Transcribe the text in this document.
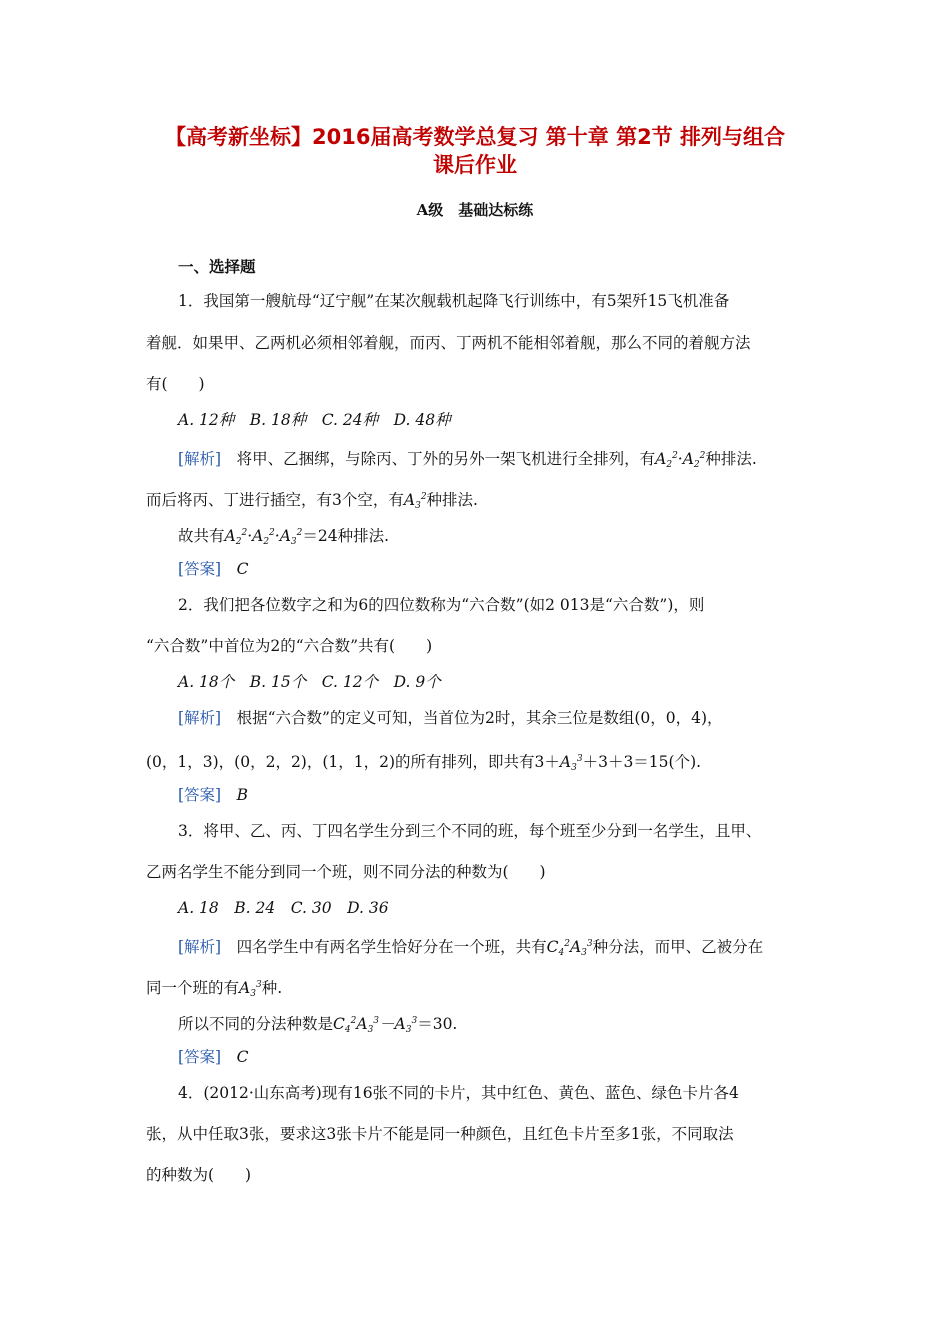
【高考新坐标】2016届高考数学总复习 第十章 第2节 排列与组合
课后作业
A级　基础达标练
一、选择题
1．我国第一艘航母“辽宁舰”在某次舰载机起降飞行训练中，有5架歼15飞机准备
着舰．如果甲、乙两机必须相邻着舰，而丙、丁两机不能相邻着舰，那么不同的着舰方法
有(　　)
A. 12种　B. 18种　C. 24种　D. 48种
[解析]　将甲、乙捆绑，与除丙、丁外的另外一架飞机进行全排列，有$A_2^2\cdot A_2^2$种排法.
而后将丙、丁进行插空，有3个空，有$A_3^2$种排法.
故共有$A_2^2\cdot A_2^2\cdot A_3^2=24$种排法.
[答案]　 C
2．我们把各位数字之和为6的四位数称为“六合数”(如2 013是“六合数”)，则
“六合数”中首位为2的“六合数”共有(　　)
A. 18个　B. 15个　C. 12个　D. 9个
[解析]　根据“六合数”的定义可知，当首位为2时，其余三位是数组(0，0，4)，
(0，1，3)，(0，2，2)，(1，1，2)的所有排列，即共有$3+A_3^3+3+3=15$(个).
[答案]　 B
3．将甲、乙、丙、丁四名学生分到三个不同的班，每个班至少分到一名学生，且甲、
乙两名学生不能分到同一个班，则不同分法的种数为(　　)
A. 18　B. 24　C. 30　D. 36
[解析]　四名学生中有两名学生恰好分在一个班，共有$C_4^2A_3^3$种分法，而甲、乙被分在
同一个班的有$A_3^3$种.
所以不同的分法种数是$C_4^2A_3^3-A_3^3=30$.
[答案]　 C
4．(2012·山东高考)现有16张不同的卡片，其中红色、黄色、蓝色、绿色卡片各4
张，从中任取3张，要求这3张卡片不能是同一种颜色，且红色卡片至多1张，不同取法
的种数为(　　)
